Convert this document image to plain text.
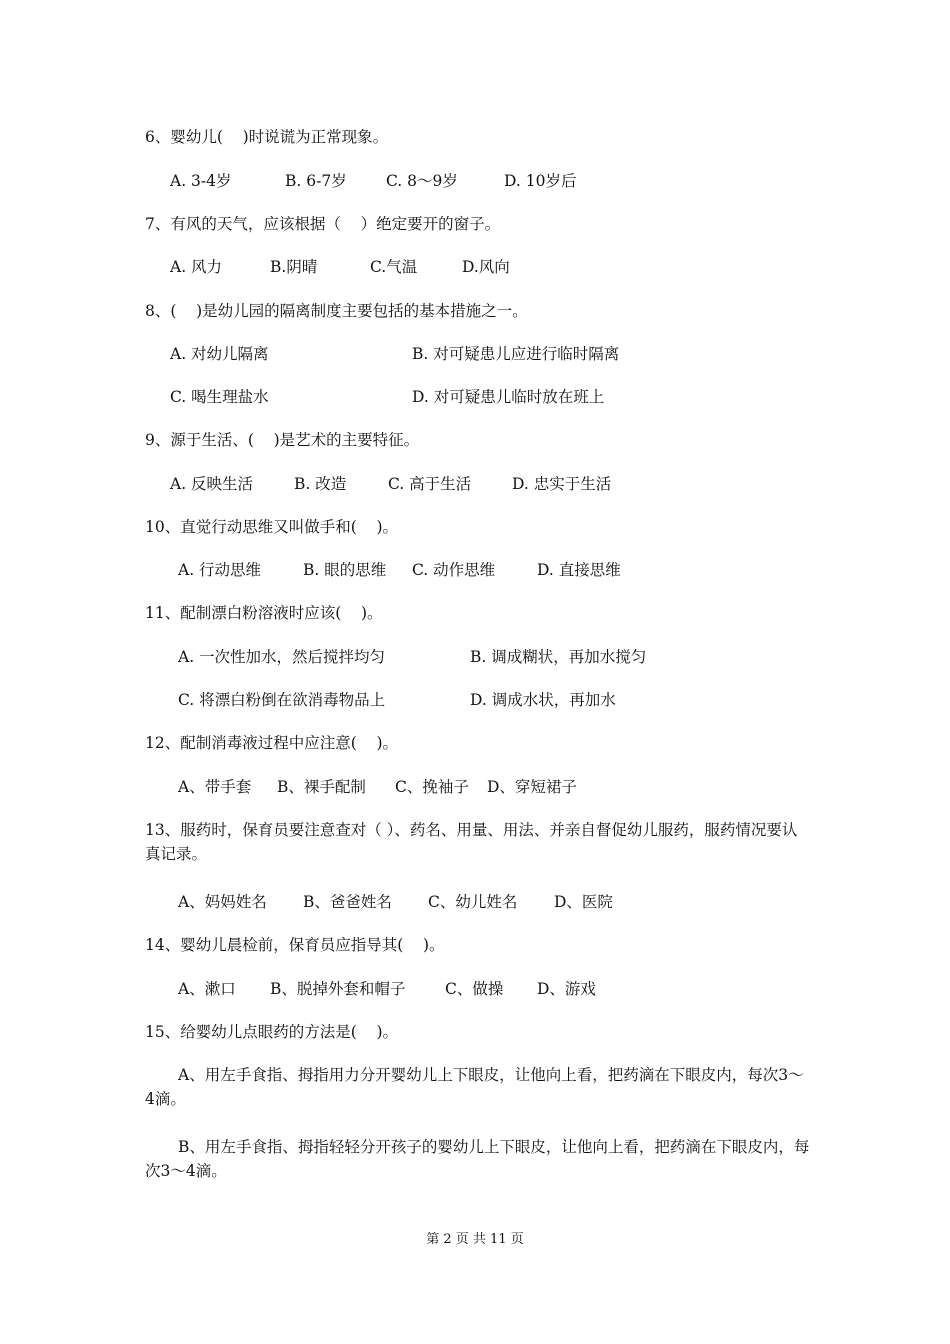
6、婴幼儿(    )时说谎为正常现象。
A. 3-4岁	B. 6-7岁	C. 8～9岁	D. 10岁后
7、有风的天气，应该根据（    ）绝定要开的窗子。
A. 风力	B.阴晴	C.气温	D.风向
8、(    )是幼儿园的隔离制度主要包括的基本措施之一。
A. 对幼儿隔离	B. 对可疑患儿应进行临时隔离
C. 喝生理盐水	D. 对可疑患儿临时放在班上
9、源于生活、(    )是艺术的主要特征。
A. 反映生活	B. 改造	C. 高于生活	D. 忠实于生活
10、直觉行动思维又叫做手和(    )。
A. 行动思维	B. 眼的思维 C. 动作思维	D. 直接思维
11、配制漂白粉溶液时应该(    )。
A. 一次性加水，然后搅拌均匀	B. 调成糊状，再加水搅匀
C. 将漂白粉倒在欲消毒物品上	D. 调成水状，再加水
12、配制消毒液过程中应注意(    )。
A、带手套 B、裸手配制 C、挽袖子 D、穿短裙子
13、服药时，保育员要注意查对（ ）、药名、用量、用法、并亲自督促幼儿服药，服药情况要认真记录。
A、妈妈姓名 B、爸爸姓名 C、幼儿姓名 D、医院
14、婴幼儿晨检前，保育员应指导其(    )。
A、漱口 B、脱掉外套和帽子	C、做操 D、游戏
15、给婴幼儿点眼药的方法是(    )。
A、用左手食指、拇指用力分开婴幼儿上下眼皮，让他向上看，把药滴在下眼皮内，每次3～4滴。
B、用左手食指、拇指轻轻分开孩子的婴幼儿上下眼皮，让他向上看，把药滴在下眼皮内，每次3～4滴。
第 2 页 共 11 页
